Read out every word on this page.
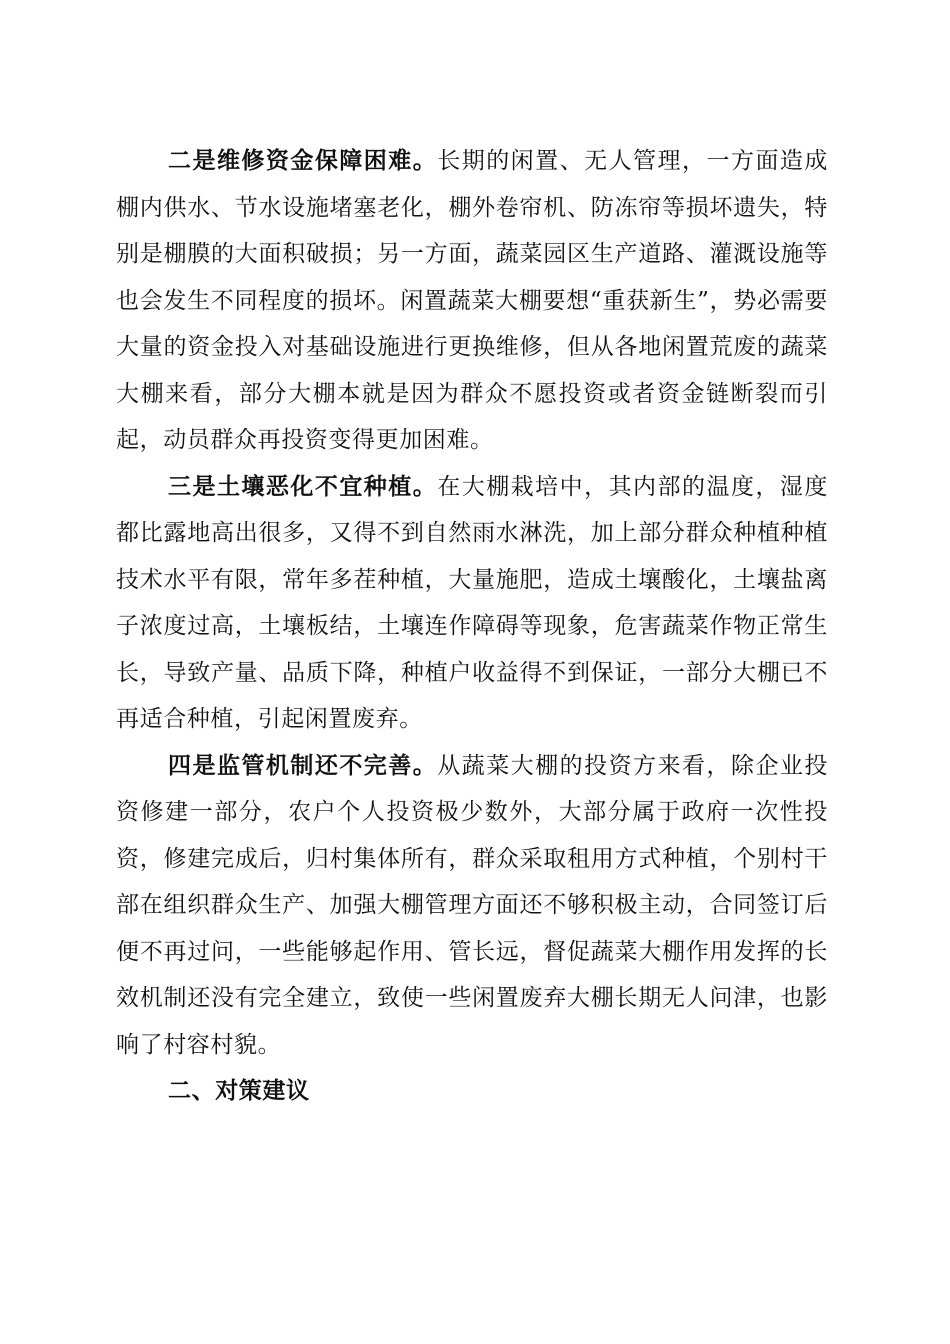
二是维修资金保障困难。长期的闲置、无人管理，一方面造成棚内供水、节水设施堵塞老化，棚外卷帘机、防冻帘等损坏遗失，特别是棚膜的大面积破损；另一方面，蔬菜园区生产道路、灌溉设施等也会发生不同程度的损坏。闲置蔬菜大棚要想“重获新生”，势必需要大量的资金投入对基础设施进行更换维修，但从各地闲置荒废的蔬菜大棚来看，部分大棚本就是因为群众不愿投资或者资金链断裂而引起，动员群众再投资变得更加困难。

三是土壤恶化不宜种植。在大棚栽培中，其内部的温度，湿度都比露地高出很多，又得不到自然雨水淋洗，加上部分群众种植种植技术水平有限，常年多茬种植，大量施肥，造成土壤酸化，土壤盐离子浓度过高，土壤板结，土壤连作障碍等现象，危害蔬菜作物正常生长，导致产量、品质下降，种植户收益得不到保证，一部分大棚已不再适合种植，引起闲置废弃。

四是监管机制还不完善。从蔬菜大棚的投资方来看，除企业投资修建一部分，农户个人投资极少数外，大部分属于政府一次性投资，修建完成后，归村集体所有，群众采取租用方式种植，个别村干部在组织群众生产、加强大棚管理方面还不够积极主动，合同签订后便不再过问，一些能够起作用、管长远，督促蔬菜大棚作用发挥的长效机制还没有完全建立，致使一些闲置废弃大棚长期无人问津，也影响了村容村貌。

二、对策建议
